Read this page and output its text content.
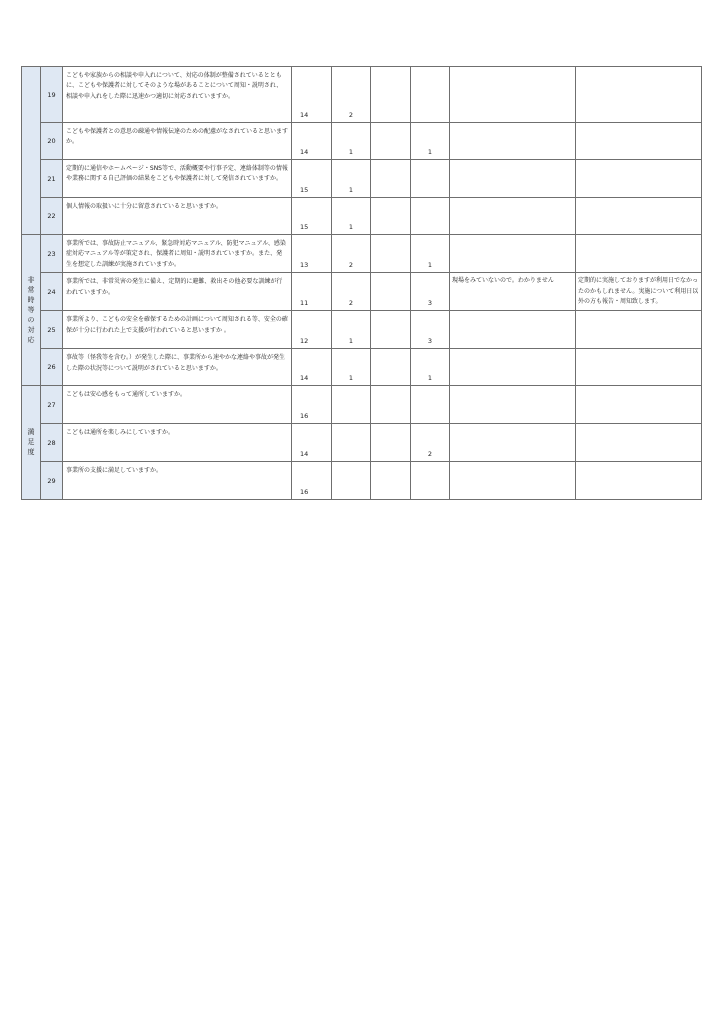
	19	こどもや家族からの相談や申入れについて、対応の体制が整備されているとともに、こどもや保護者に対してそのような場があることについて周知・説明され、相談や申入れをした際に迅速かつ適切に対応されていますか。	14	2				
	20	こどもや保護者との意思の疎通や情報伝達のための配慮がなされていると思いますか。	14	1		1		
	21	定期的に通信やホームページ・SNS等で、活動概要や行事予定、連絡体制等の情報や業務に関する自己評価の結果をこどもや保護者に対して発信されていますか。	15	1				
	22	個人情報の取扱いに十分に留意されていると思いますか。	15	1				
非常時等の対応	23	事業所では、事故防止マニュアル、緊急時対応マニュアル、防犯マニュアル、感染症対応マニュアル等が策定され、保護者に周知・説明されていますか。また、発生を想定した訓練が実施されていますか。	13	2		1		
	24	事業所では、非常災害の発生に備え、定期的に避難、救出その他必要な訓練が行われていますか。	11	2		3	現場をみていないので。わかりません	定期的に実施しておりますが利用日でなかったのかもしれません。実施について利用日以外の方も報告・周知致します。
	25	事業所より、こどもの安全を確保するための計画について周知される等、安全の確保が十分に行われた上で支援が行われていると思いますか 。	12	1		3		
	26	事故等（怪我等を含む。）が発生した際に、事業所から速やかな連絡や事故が発生した際の状況等について説明がされていると思いますか。	14	1		1		
満足度	27	こどもは安心感をもって通所していますか。	16					
	28	こどもは通所を楽しみにしていますか。	14			2		
	29	事業所の支援に満足していますか。	16					
